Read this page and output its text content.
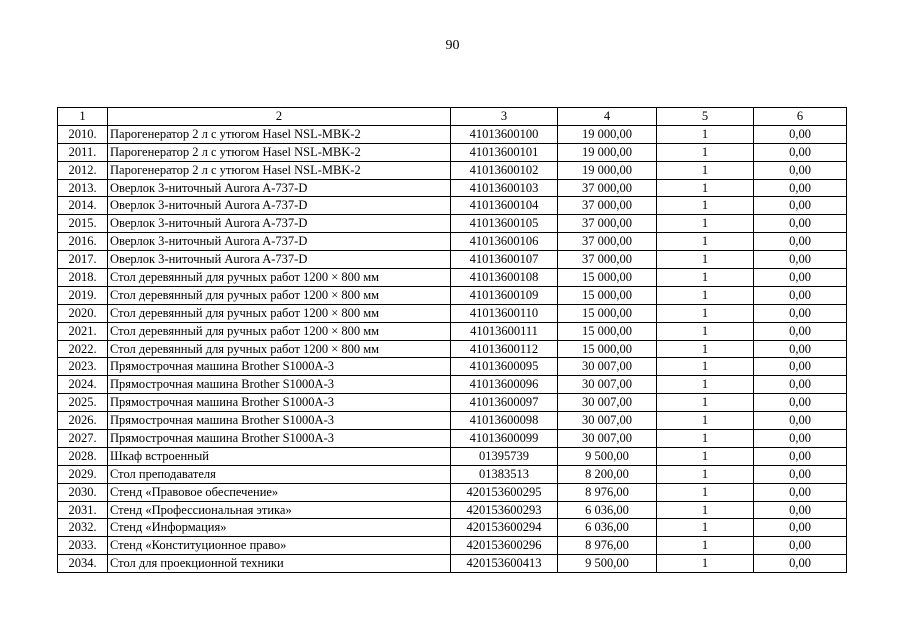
90
1	2	3	4	5	6
2010.	Парогенератор 2 л с утюгом Hasel NSL-MBK-2	41013600100	19 000,00	1	0,00
2011.	Парогенератор 2 л с утюгом Hasel NSL-MBK-2	41013600101	19 000,00	1	0,00
2012.	Парогенератор 2 л с утюгом Hasel NSL-MBK-2	41013600102	19 000,00	1	0,00
2013.	Оверлок 3-ниточный Aurora A-737-D	41013600103	37 000,00	1	0,00
2014.	Оверлок 3-ниточный Aurora A-737-D	41013600104	37 000,00	1	0,00
2015.	Оверлок 3-ниточный Aurora A-737-D	41013600105	37 000,00	1	0,00
2016.	Оверлок 3-ниточный Aurora A-737-D	41013600106	37 000,00	1	0,00
2017.	Оверлок 3-ниточный Aurora A-737-D	41013600107	37 000,00	1	0,00
2018.	Стол деревянный для ручных работ 1200 × 800 мм	41013600108	15 000,00	1	0,00
2019.	Стол деревянный для ручных работ 1200 × 800 мм	41013600109	15 000,00	1	0,00
2020.	Стол деревянный для ручных работ 1200 × 800 мм	41013600110	15 000,00	1	0,00
2021.	Стол деревянный для ручных работ 1200 × 800 мм	41013600111	15 000,00	1	0,00
2022.	Стол деревянный для ручных работ 1200 × 800 мм	41013600112	15 000,00	1	0,00
2023.	Прямострочная машина Brother S1000A-3	41013600095	30 007,00	1	0,00
2024.	Прямострочная машина Brother S1000A-3	41013600096	30 007,00	1	0,00
2025.	Прямострочная машина Brother S1000A-3	41013600097	30 007,00	1	0,00
2026.	Прямострочная машина Brother S1000A-3	41013600098	30 007,00	1	0,00
2027.	Прямострочная машина Brother S1000A-3	41013600099	30 007,00	1	0,00
2028.	Шкаф встроенный	01395739	9 500,00	1	0,00
2029.	Стол преподавателя	01383513	8 200,00	1	0,00
2030.	Стенд «Правовое обеспечение»	420153600295	8 976,00	1	0,00
2031.	Стенд «Профессиональная этика»	420153600293	6 036,00	1	0,00
2032.	Стенд «Информация»	420153600294	6 036,00	1	0,00
2033.	Стенд «Конституционное право»	420153600296	8 976,00	1	0,00
2034.	Стол для проекционной техники	420153600413	9 500,00	1	0,00
